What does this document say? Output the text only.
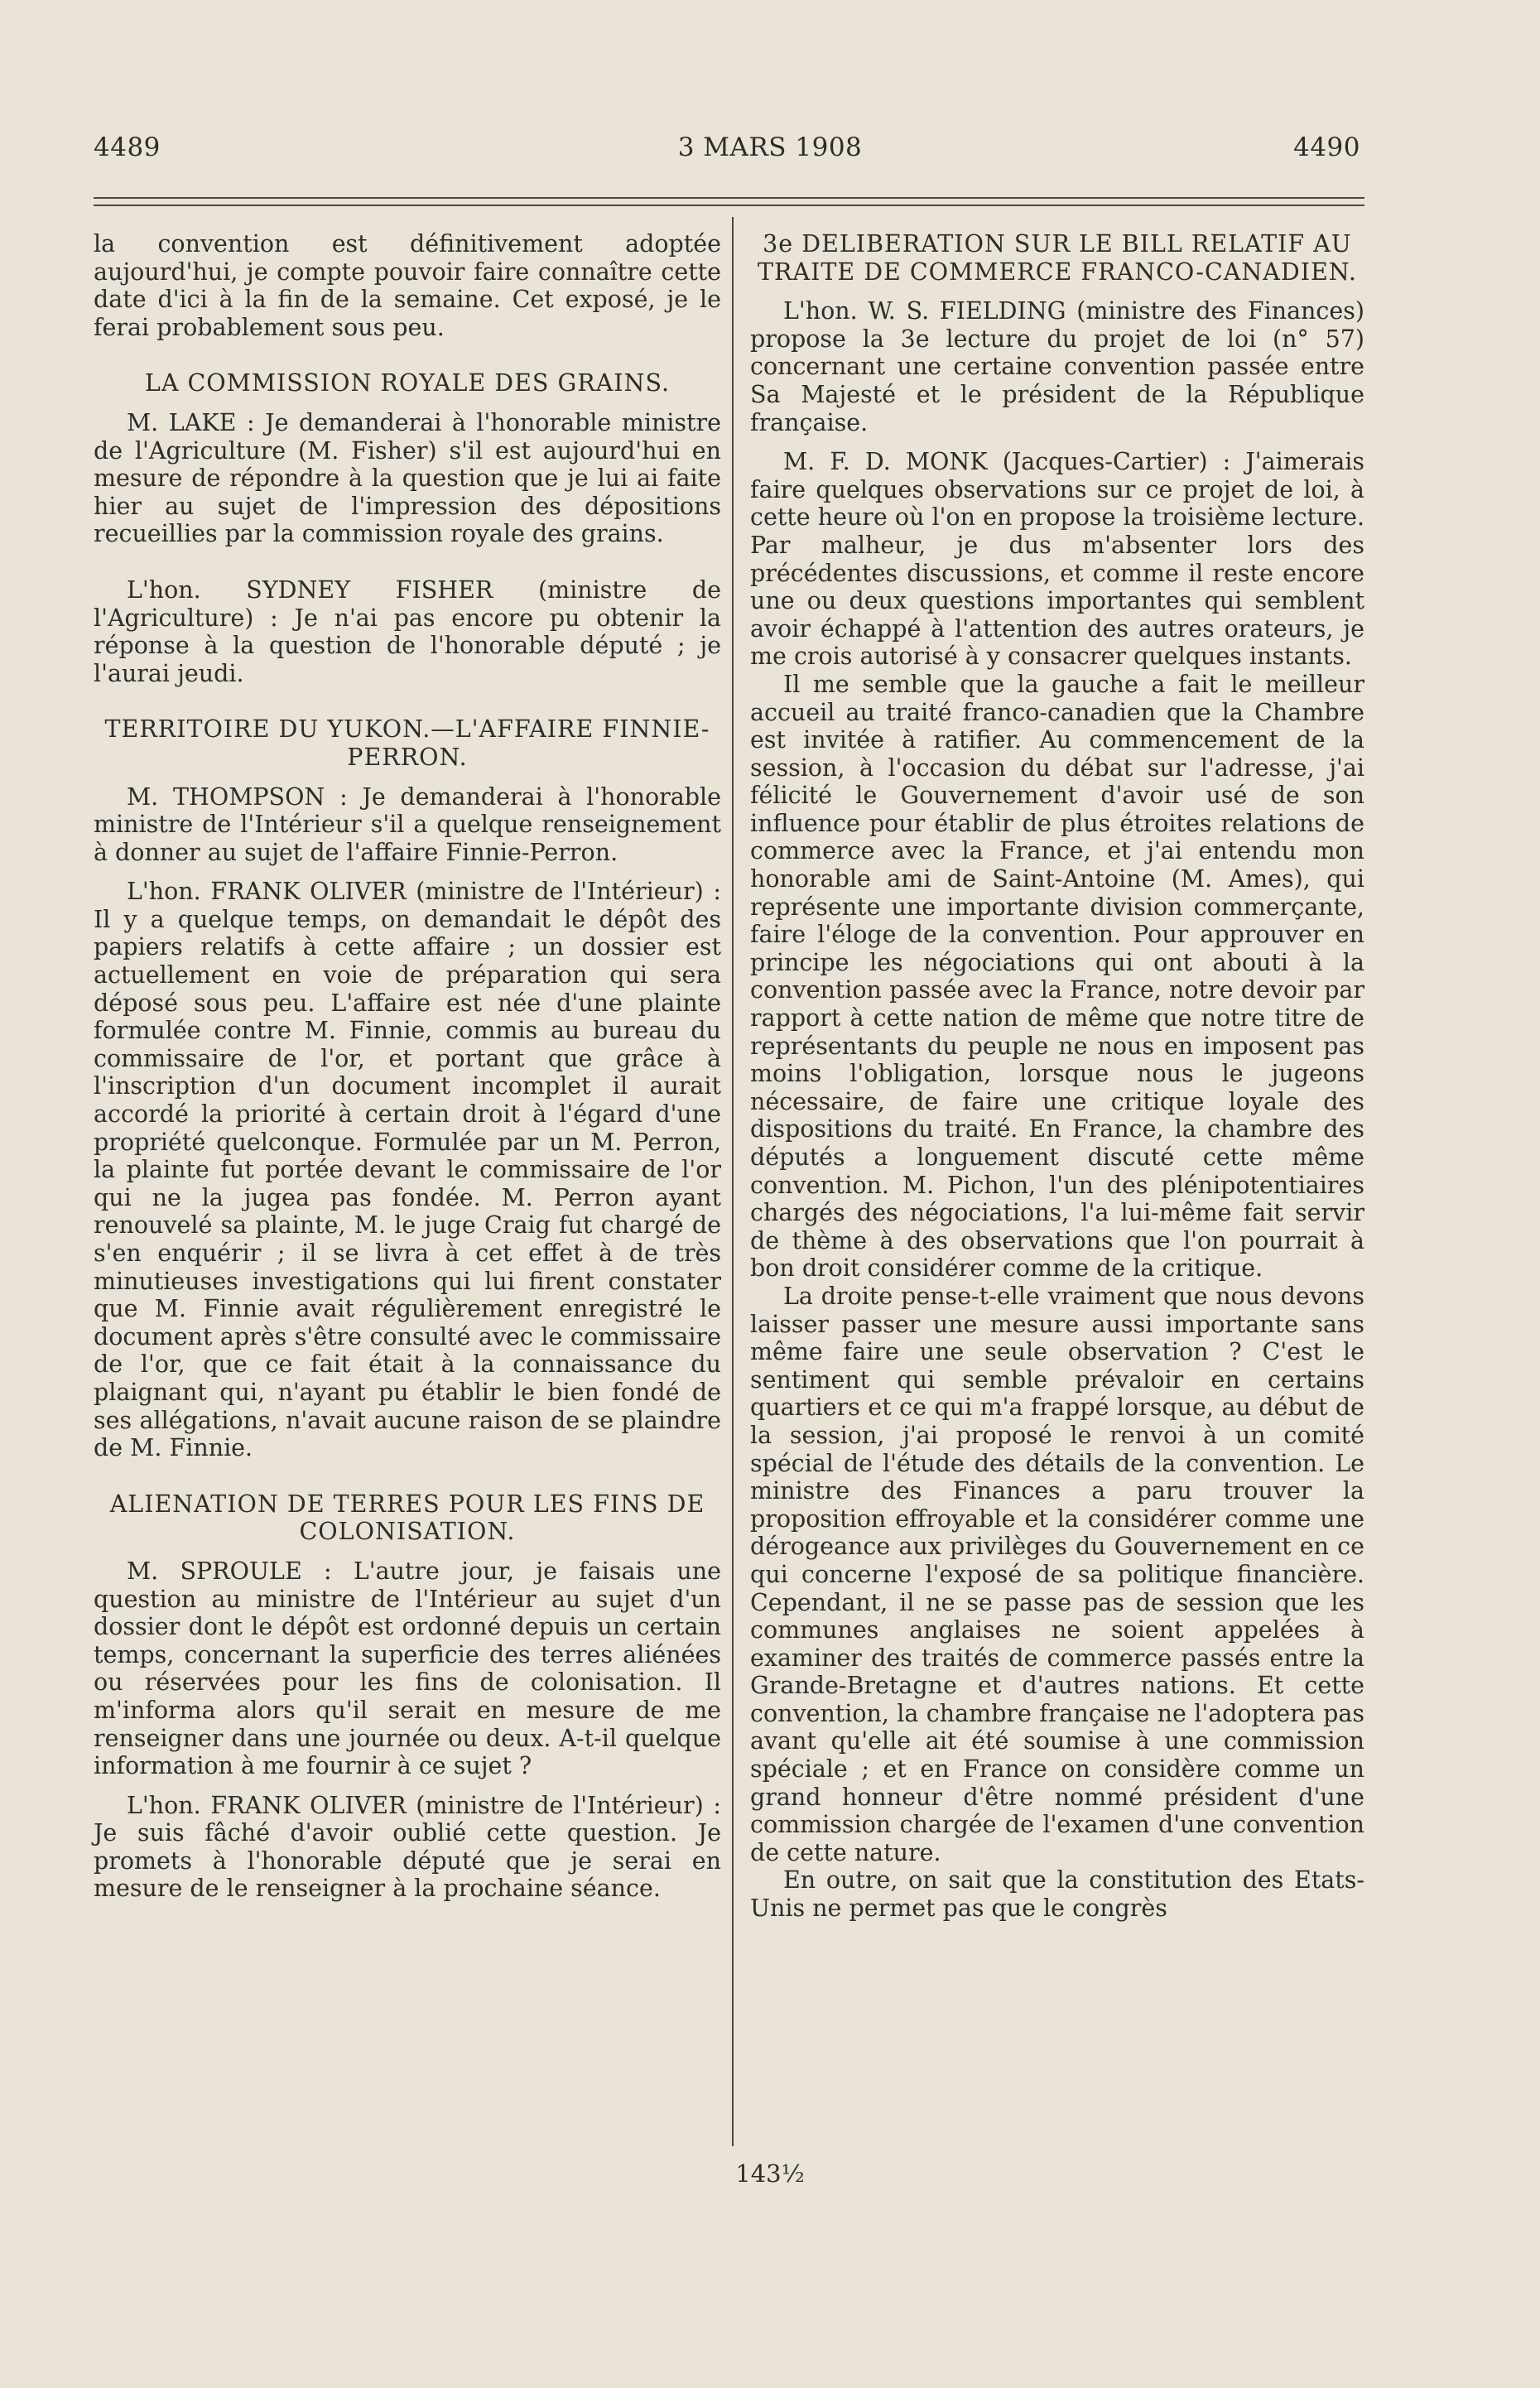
4489	3 MARS 1908	4490

la convention est définitivement adoptée aujourd'hui, je compte pouvoir faire connaître cette date d'ici à la fin de la semaine. Cet exposé, je le ferai probablement sous peu.

LA COMMISSION ROYALE DES GRAINS.

M. LAKE : Je demanderai à l'honorable ministre de l'Agriculture (M. Fisher) s'il est aujourd'hui en mesure de répondre à la question que je lui ai faite hier au sujet de l'impression des dépositions recueillies par la commission royale des grains.

L'hon. SYDNEY FISHER (ministre de l'Agriculture) : Je n'ai pas encore pu obtenir la réponse à la question de l'honorable député ; je l'aurai jeudi.

TERRITOIRE DU YUKON.—L'AFFAIRE FINNIE-PERRON.

M. THOMPSON : Je demanderai à l'honorable ministre de l'Intérieur s'il a quelque renseignement à donner au sujet de l'affaire Finnie-Perron.

L'hon. FRANK OLIVER (ministre de l'Intérieur) : Il y a quelque temps, on demandait le dépôt des papiers relatifs à cette affaire ; un dossier est actuellement en voie de préparation qui sera déposé sous peu. L'affaire est née d'une plainte formulée contre M. Finnie, commis au bureau du commissaire de l'or, et portant que grâce à l'inscription d'un document incomplet il aurait accordé la priorité à certain droit à l'égard d'une propriété quelconque. Formulée par un M. Perron, la plainte fut portée devant le commissaire de l'or qui ne la jugea pas fondée. M. Perron ayant renouvelé sa plainte, M. le juge Craig fut chargé de s'en enquérir ; il se livra à cet effet à de très minutieuses investigations qui lui firent constater que M. Finnie avait régulièrement enregistré le document après s'être consulté avec le commissaire de l'or, que ce fait était à la connaissance du plaignant qui, n'ayant pu établir le bien fondé de ses allégations, n'avait aucune raison de se plaindre de M. Finnie.

ALIENATION DE TERRES POUR LES FINS DE COLONISATION.

M. SPROULE : L'autre jour, je faisais une question au ministre de l'Intérieur au sujet d'un dossier dont le dépôt est ordonné depuis un certain temps, concernant la superficie des terres aliénées ou réservées pour les fins de colonisation. Il m'informa alors qu'il serait en mesure de me renseigner dans une journée ou deux. A-t-il quelque information à me fournir à ce sujet ?

L'hon. FRANK OLIVER (ministre de l'Intérieur) : Je suis fâché d'avoir oublié cette question. Je promets à l'honorable député que je serai en mesure de le renseigner à la prochaine séance.

3e DELIBERATION SUR LE BILL RELATIF AU TRAITE DE COMMERCE FRANCO-CANADIEN.

L'hon. W. S. FIELDING (ministre des Finances) propose la 3e lecture du projet de loi (n° 57) concernant une certaine convention passée entre Sa Majesté et le président de la République française.

M. F. D. MONK (Jacques-Cartier) : J'aimerais faire quelques observations sur ce projet de loi, à cette heure où l'on en propose la troisième lecture. Par malheur, je dus m'absenter lors des précédentes discussions, et comme il reste encore une ou deux questions importantes qui semblent avoir échappé à l'attention des autres orateurs, je me crois autorisé à y consacrer quelques instants.

Il me semble que la gauche a fait le meilleur accueil au traité franco-canadien que la Chambre est invitée à ratifier. Au commencement de la session, à l'occasion du débat sur l'adresse, j'ai félicité le Gouvernement d'avoir usé de son influence pour établir de plus étroites relations de commerce avec la France, et j'ai entendu mon honorable ami de Saint-Antoine (M. Ames), qui représente une importante division commerçante, faire l'éloge de la convention. Pour approuver en principe les négociations qui ont abouti à la convention passée avec la France, notre devoir par rapport à cette nation de même que notre titre de représentants du peuple ne nous en imposent pas moins l'obligation, lorsque nous le jugeons nécessaire, de faire une critique loyale des dispositions du traité. En France, la chambre des députés a longuement discuté cette même convention. M. Pichon, l'un des plénipotentiaires chargés des négociations, l'a lui-même fait servir de thème à des observations que l'on pourrait à bon droit considérer comme de la critique.

La droite pense-t-elle vraiment que nous devons laisser passer une mesure aussi importante sans même faire une seule observation ? C'est le sentiment qui semble prévaloir en certains quartiers et ce qui m'a frappé lorsque, au début de la session, j'ai proposé le renvoi à un comité spécial de l'étude des détails de la convention. Le ministre des Finances a paru trouver la proposition effroyable et la considérer comme une dérogeance aux privilèges du Gouvernement en ce qui concerne l'exposé de sa politique financière. Cependant, il ne se passe pas de session que les communes anglaises ne soient appelées à examiner des traités de commerce passés entre la Grande-Bretagne et d'autres nations. Et cette convention, la chambre française ne l'adoptera pas avant qu'elle ait été soumise à une commission spéciale ; et en France on considère comme un grand honneur d'être nommé président d'une commission chargée de l'examen d'une convention de cette nature.

En outre, on sait que la constitution des Etats-Unis ne permet pas que le congrès

143½
